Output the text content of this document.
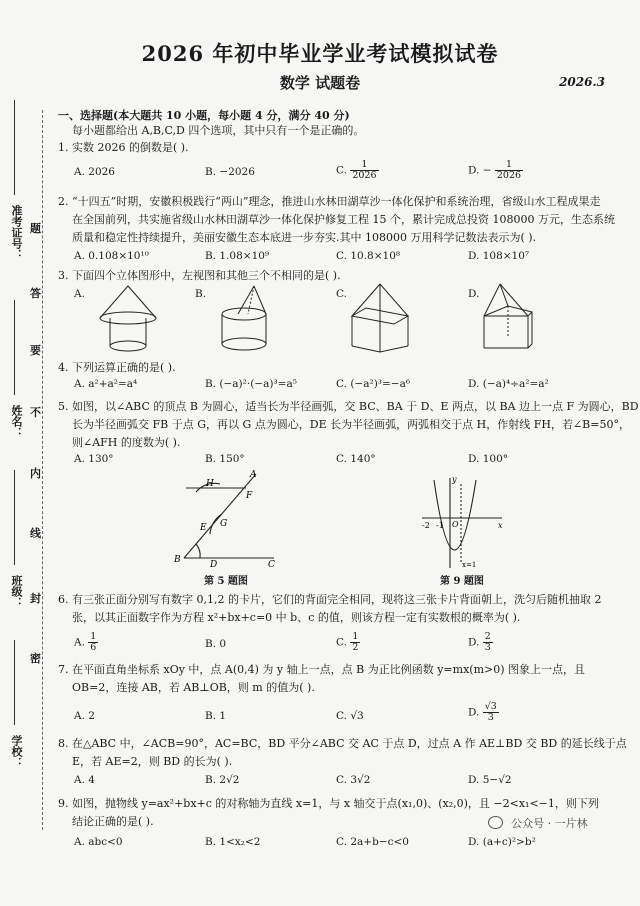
准考证号：
姓名：
班级：
学校：
题
答
要
不
内
线
封
密
2026 年初中毕业学业考试模拟试卷
数学 试题卷	2026.3
一、选择题(本大题共 10 小题，每小题 4 分，满分 40 分)
每小题都给出 A,B,C,D 四个选项，其中只有一个是正确的。
1. 实数 2026 的倒数是( ).
A. 2026	B. −2026	C. $\frac{1}{2026}$	D. − $\frac{1}{2026}$
2. “十四五”时期，安徽积极践行“两山”理念，推进山水林田湖草沙一体化保护和系统治理，省级山水工程成果走
在全国前列，共实施省级山水林田湖草沙一体化保护修复工程 15 个，累计完成总投资 108000 万元，生态系统
质量和稳定性持续提升，美丽安徽生态本底进一步夯实.其中 108000 万用科学记数法表示为( ).
A. 0.108×10¹⁰	B. 1.08×10⁹	C. 10.8×10⁸	D. 108×10⁷
3. 下面四个立体图形中，左视图和其他三个不相同的是( ).
A.	B.	C.	D.
4. 下列运算正确的是( ).
A. a²+a²=a⁴	B. (−a)²·(−a)³=a⁵	C. (−a²)³=−a⁶	D. (−a)⁴÷a²=a²
5. 如图，以∠ABC 的顶点 B 为圆心，适当长为半径画弧，交 BC、BA 于 D、E 两点，以 BA 边上一点 F 为圆心，BD
长为半径画弧交 FB 于点 G，再以 G 点为圆心，DE 长为半径画弧，两弧相交于点 H，作射线 FH，若∠B=50°，
则∠AFH 的度数为( ).
A. 130°	B. 150°	C. 140°	D. 100°
A
B	C
D
E
F
G
H
第 5 题图
y
x
O
-2 -1
x=1
第 9 题图
6. 有三张正面分别写有数字 0,1,2 的卡片，它们的背面完全相同，现将这三张卡片背面朝上，洗匀后随机抽取 2
张，以其正面数字作为方程 x²+bx+c=0 中 b、c 的值，则该方程一定有实数根的概率为( ).
A. $\frac{1}{6}$	B. 0	C. $\frac{1}{2}$	D. $\frac{2}{3}$
7. 在平面直角坐标系 xOy 中，点 A(0,4) 为 y 轴上一点，点 B 为正比例函数 y=mx(m>0) 图象上一点，且
OB=2，连接 AB，若 AB⊥OB，则 m 的值为( ).
A. 2	B. 1	C. √3	D. $\frac{√3}{3}$
8. 在△ABC 中，∠ACB=90°，AC=BC，BD 平分∠ABC 交 AC 于点 D，过点 A 作 AE⊥BD 交 BD 的延长线于点
E，若 AE=2，则 BD 的长为( ).
A. 4	B. 2√2	C. 3√2	D. 5−√2
9. 如图，抛物线 y=ax²+bx+c 的对称轴为直线 x=1，与 x 轴交于点(x₁,0)、(x₂,0)，且 −2<x₁<−1，则下列
结论正确的是( ).
A. abc<0	B. 1<x₂<2	C. 2a+b−c<0	D. (a+c)²>b²
公众号 · 一片林
